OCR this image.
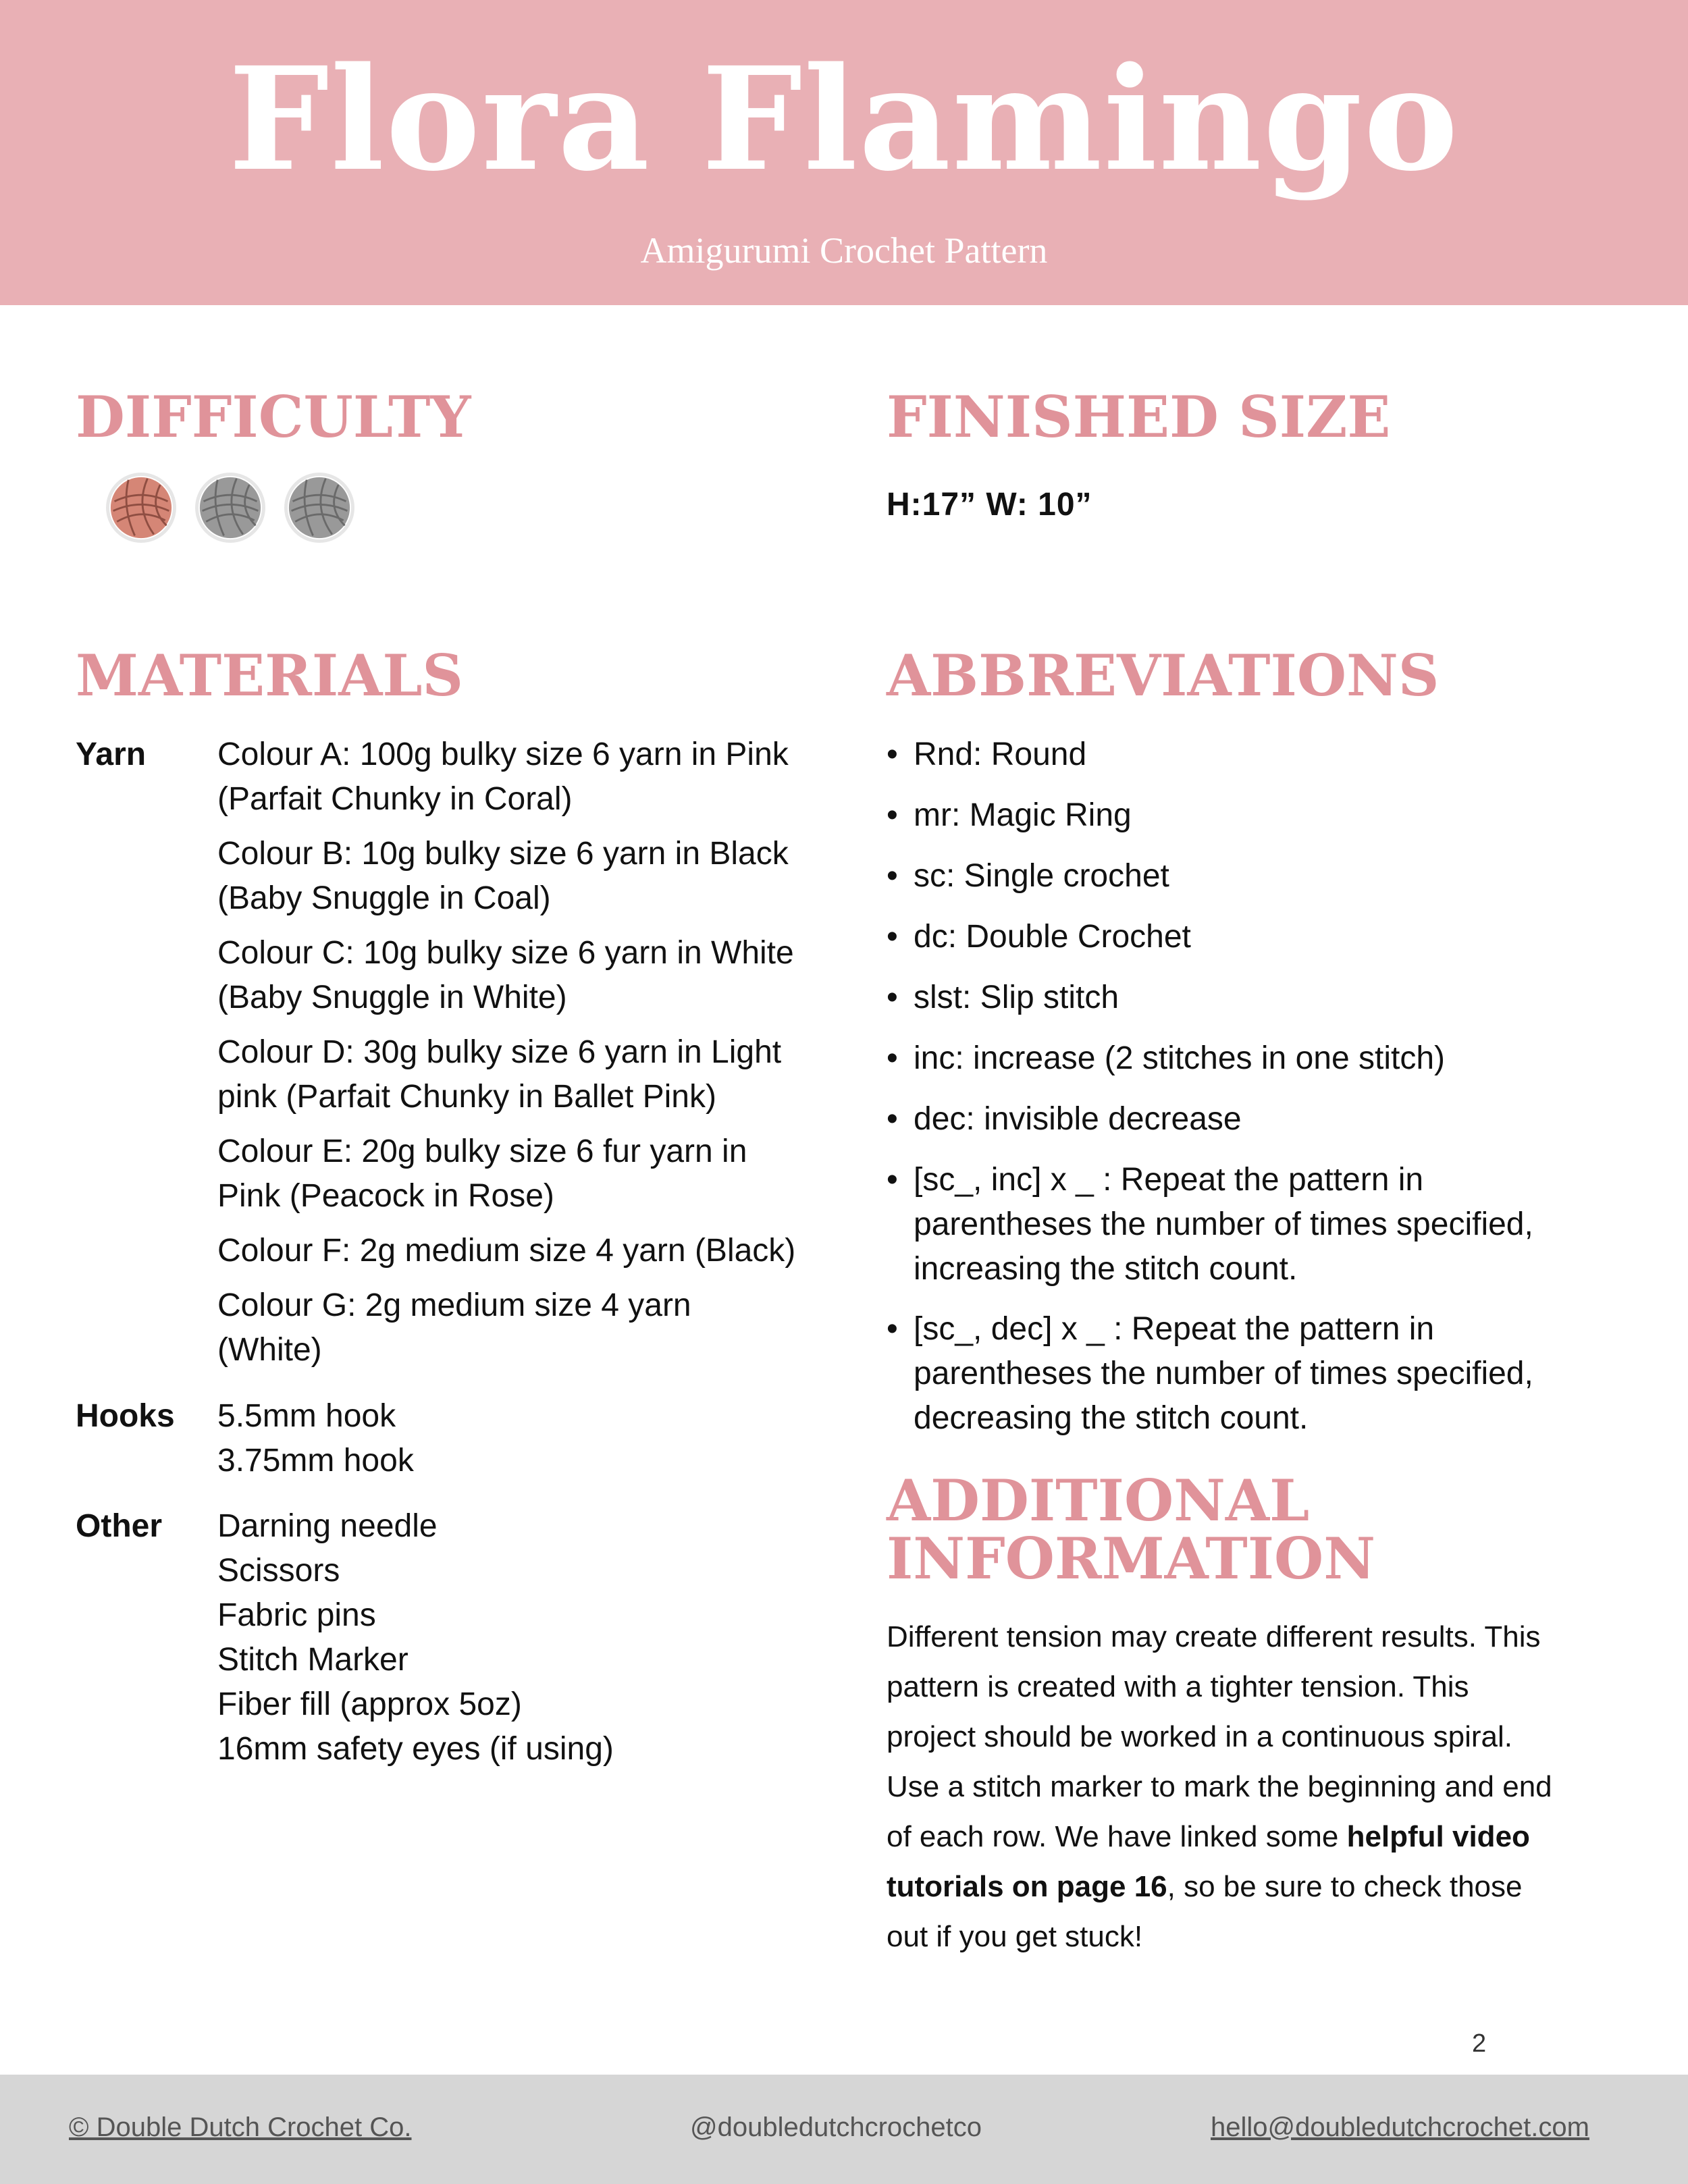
Flora Flamingo
Amigurumi Crochet Pattern
DIFFICULTY	FINISHED SIZE
H:17” W: 10”
MATERIALS
Yarn Colour A: 100g bulky size 6 yarn in Pink
(Parfait Chunky in Coral)
Colour B: 10g bulky size 6 yarn in Black
(Baby Snuggle in Coal)
Colour C: 10g bulky size 6 yarn in White
(Baby Snuggle in White)
Colour D: 30g bulky size 6 yarn in Light
pink (Parfait Chunky in Ballet Pink)
Colour E: 20g bulky size 6 fur yarn in
Pink (Peacock in Rose)
Colour F: 2g medium size 4 yarn (Black)
Colour G: 2g medium size 4 yarn
(White)
Hooks 5.5mm hook
3.75mm hook
Other Darning needle
Scissors
Fabric pins
Stitch Marker
Fiber fill (approx 5oz)
16mm safety eyes (if using)
ABBREVIATIONS
• Rnd: Round
• mr: Magic Ring
• sc: Single crochet
• dc: Double Crochet
• slst: Slip stitch
• inc: increase (2 stitches in one stitch)
• dec: invisible decrease
• [sc_, inc] x _ : Repeat the pattern in
parentheses the number of times specified,
increasing the stitch count.
• [sc_, dec] x _ : Repeat the pattern in
parentheses the number of times specified,
decreasing the stitch count.
ADDITIONAL
INFORMATION
Different tension may create different results. This
pattern is created with a tighter tension. This
project should be worked in a continuous spiral.
Use a stitch marker to mark the beginning and end
of each row. We have linked some helpful video
tutorials on page 16, so be sure to check those
out if you get stuck!
2
© Double Dutch Crochet Co.	@doubledutchcrochetco	hello@doubledutchcrochet.com
